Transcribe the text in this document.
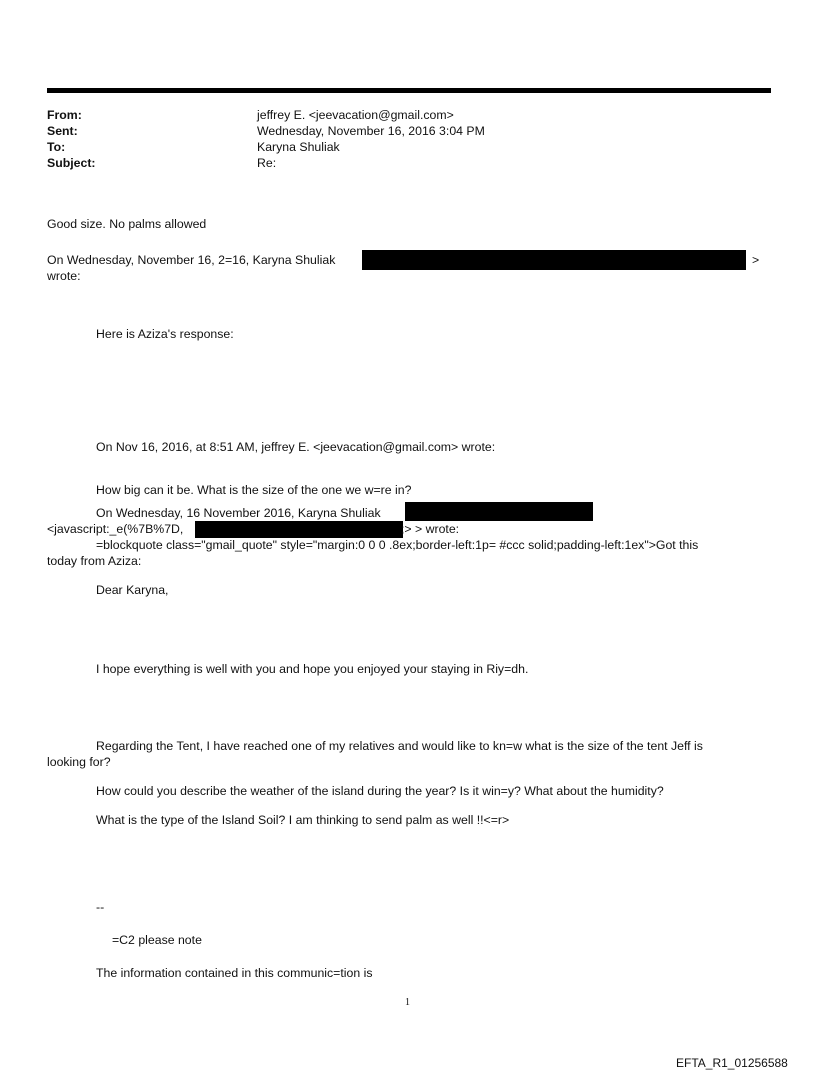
From:	jeffrey E. <jeevacation@gmail.com>
Sent:	Wednesday, November 16, 2016 3:04 PM
To:	Karyna Shuliak
Subject:	Re:
Good size. No palms allowed
On Wednesday, November 16, 2=16, Karyna Shuliak	>
wrote:
Here is Aziza's response:
On Nov 16, 2016, at 8:51 AM, jeffrey E. <jeevacation@gmail.com> wrote:
How big can it be. What is the size of the one we w=re in?
On Wednesday, 16 November 2016, Karyna Shuliak
<javascript:_e(%7B%7D,	;> > wrote:
=blockquote class="gmail_quote" style="margin:0 0 0 .8ex;border-left:1p= #ccc solid;padding-left:1ex">Got this
today from Aziza:
Dear Karyna,
I hope everything is well with you and hope you enjoyed your staying in Riy=dh.
Regarding the Tent, I have reached one of my relatives and would like to kn=w what is the size of the tent Jeff is
looking for?
How could you describe the weather of the island during the year? Is it win=y? What about the humidity?
What is the type of the Island Soil? I am thinking to send palm as well !!<=r>
--
=C2 please note
The information contained in this communic=tion is
1
EFTA_R1_01256588
